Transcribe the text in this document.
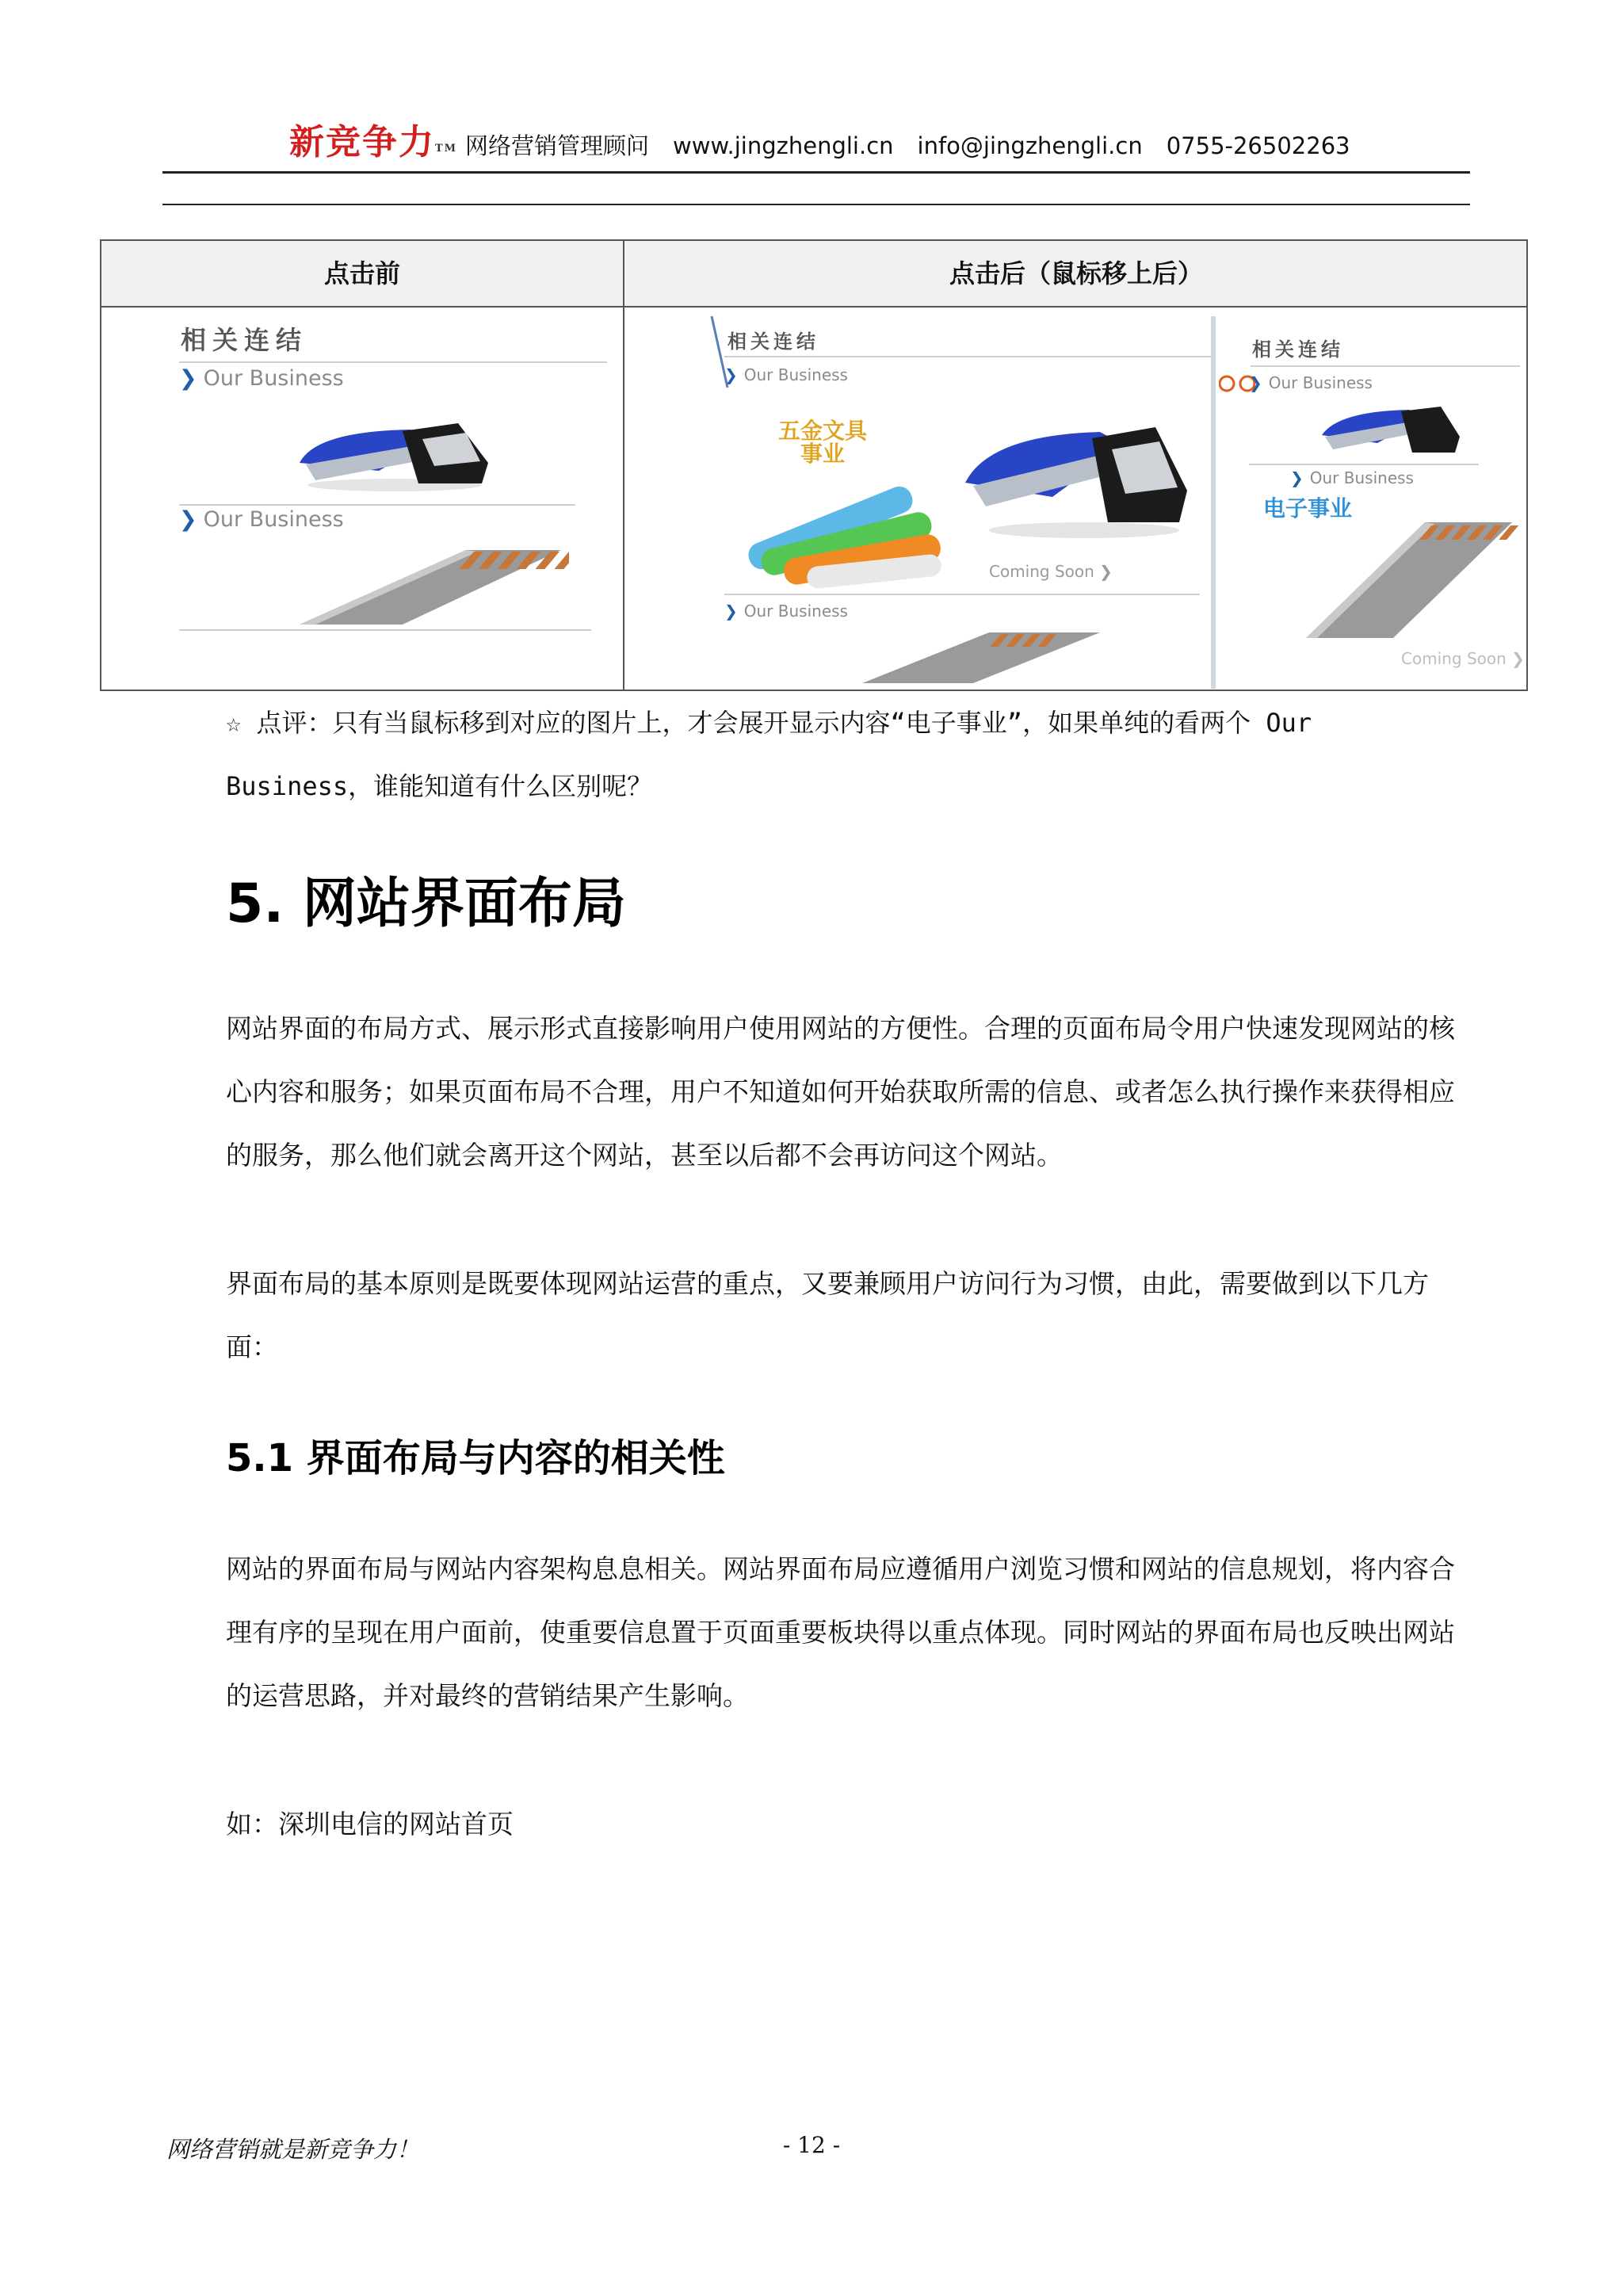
新竞争力™ 网络营销管理顾问 www.jingzhengli.cn info@jingzhengli.cn 0755-26502263
点击前	点击后（鼠标移上后）
相关连结
❯ Our Business
❯ Our Business
相关连结
❯ Our Business
五金文具
事业
Coming Soon ❯
❯ Our Business
相关连结
❯ Our Business
❯ Our Business
电子事业
Coming Soon ❯
☆ 点评：只有当鼠标移到对应的图片上，才会展开显示内容“电子事业”，如果单纯的看两个 Our Business，谁能知道有什么区别呢？
5. 网站界面布局
网站界面的布局方式、展示形式直接影响用户使用网站的方便性。合理的页面布局令用户快速发现网站的核心内容和服务；如果页面布局不合理，用户不知道如何开始获取所需的信息、或者怎么执行操作来获得相应的服务，那么他们就会离开这个网站，甚至以后都不会再访问这个网站。
界面布局的基本原则是既要体现网站运营的重点，又要兼顾用户访问行为习惯，由此，需要做到以下几方面：
5.1 界面布局与内容的相关性
网站的界面布局与网站内容架构息息相关。网站界面布局应遵循用户浏览习惯和网站的信息规划，将内容合理有序的呈现在用户面前，使重要信息置于页面重要板块得以重点体现。同时网站的界面布局也反映出网站的运营思路，并对最终的营销结果产生影响。
如：深圳电信的网站首页
网络营销就是新竞争力！	- 12 -
